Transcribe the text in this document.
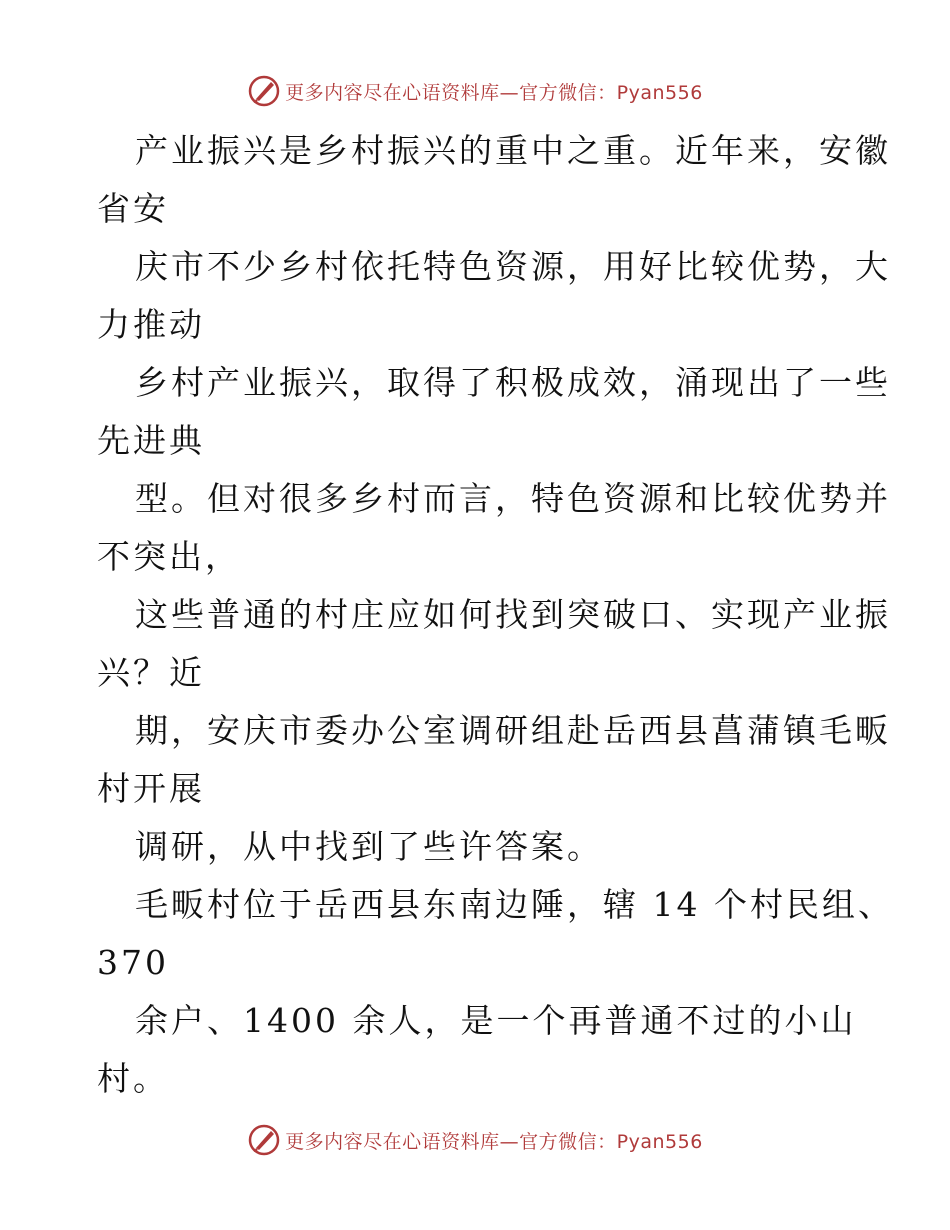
更多内容尽在心语资料库—官方微信：Pyan556
产业振兴是乡村振兴的重中之重。近年来，安徽
省安
庆市不少乡村依托特色资源，用好比较优势，大
力推动
乡村产业振兴，取得了积极成效，涌现出了一些
先进典
型。但对很多乡村而言，特色资源和比较优势并
不突出，
这些普通的村庄应如何找到突破口、实现产业振
兴？近
期，安庆市委办公室调研组赴岳西县菖蒲镇毛畈
村开展
调研，从中找到了些许答案。
毛畈村位于岳西县东南边陲，辖 14 个村民组、
370
余户、1400 余人，是一个再普通不过的小山
村。
更多内容尽在心语资料库—官方微信：Pyan556
